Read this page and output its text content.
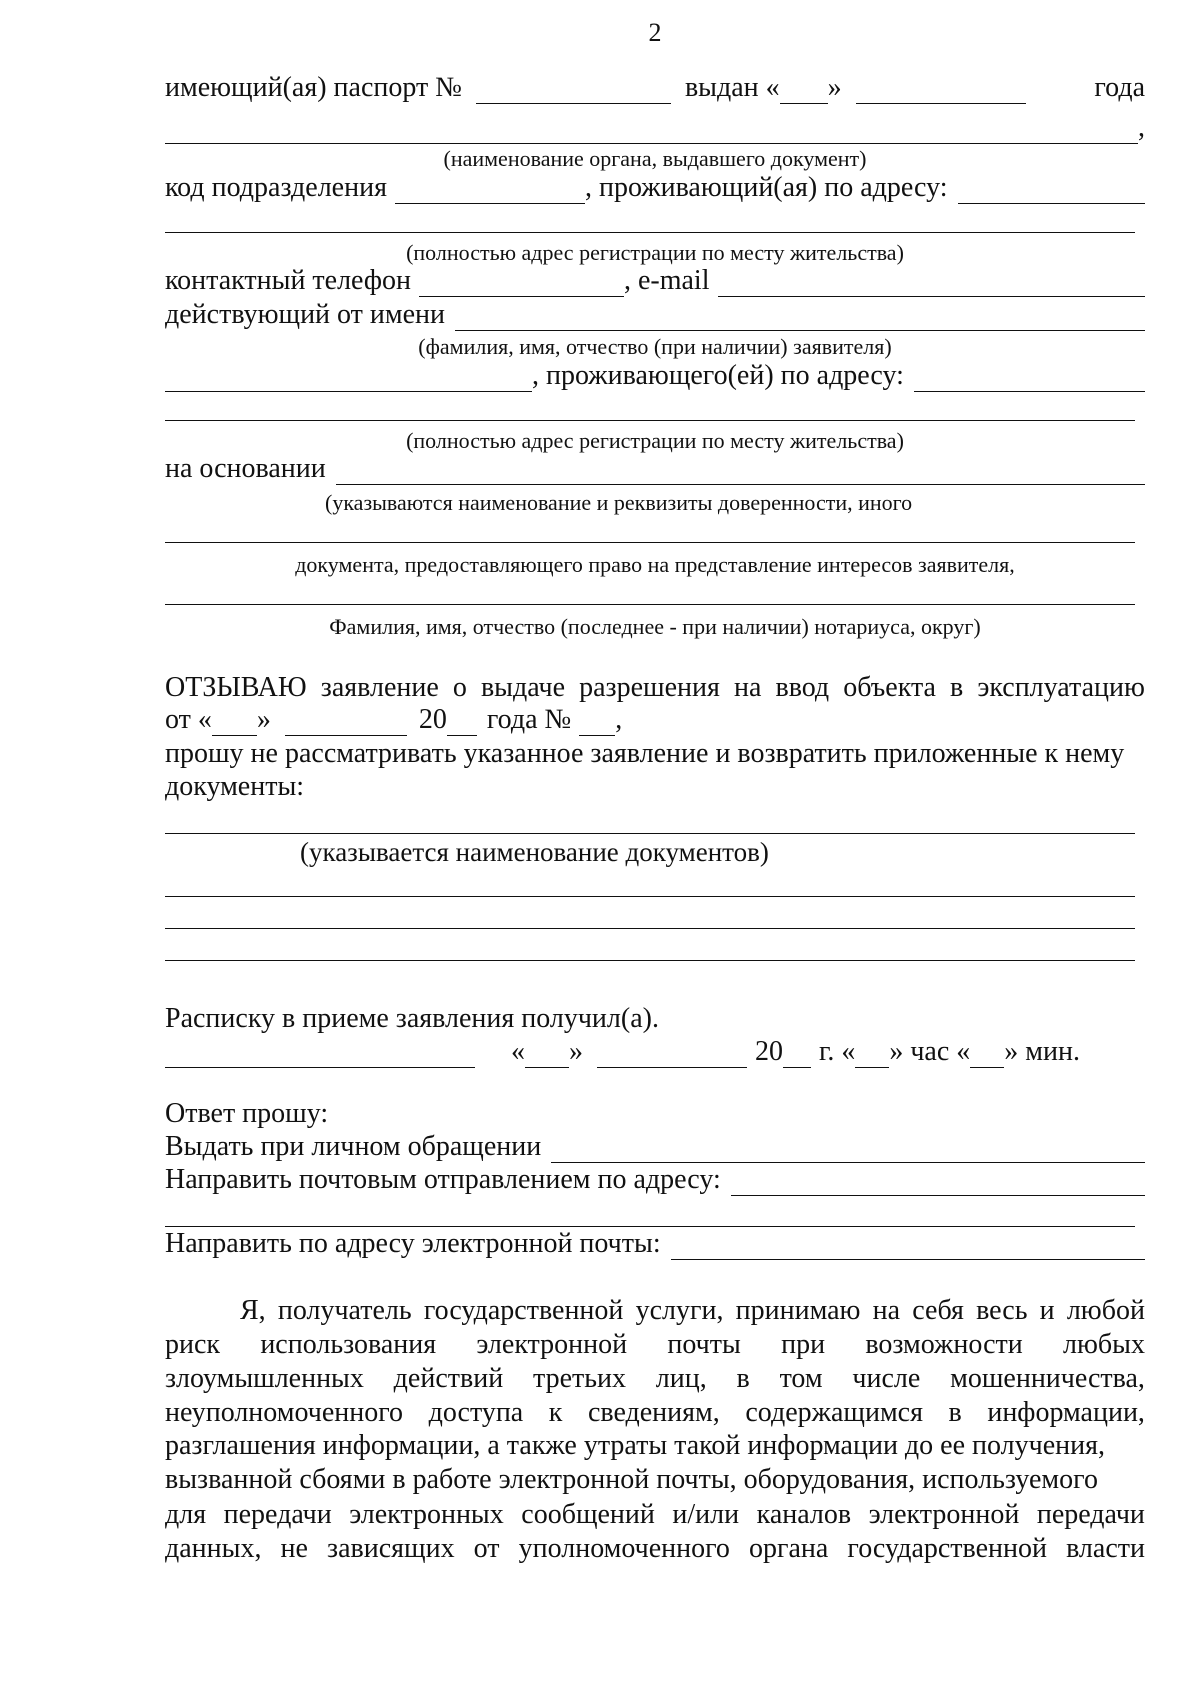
2
имеющий(ая) паспорт №	выдан « »	года
,
(наименование органа, выдавшего документ)
код подразделения	, проживающий(ая) по адресу:
(полностью адрес регистрации по месту жительства)
контактный телефон	, e-mail
действующий от имени
(фамилия, имя, отчество (при наличии) заявителя)
, проживающего(ей) по адресу:
(полностью адрес регистрации по месту жительства)
на основании
(указываются наименование и реквизиты доверенности, иного
документа, предоставляющего право на представление интересов заявителя,
Фамилия, имя, отчество (последнее - при наличии) нотариуса, округ)
ОТЗЫВАЮ заявление о выдаче разрешения на ввод объекта в эксплуатацию
от « »	20 года № ,
прошу не рассматривать указанное заявление и возвратить приложенные к нему
документы:
(указывается наименование документов)
Расписку в приеме заявления получил(а).
« »	20 г. « » час « » мин.
Ответ прошу:
Выдать при личном обращении
Направить почтовым отправлением по адресу:
Направить по адресу электронной почты:
Я, получатель государственной услуги, принимаю на себя весь и любой
риск использования электронной почты при возможности любых
злоумышленных действий третьих лиц, в том числе мошенничества,
неуполномоченного доступа к сведениям, содержащимся в информации,
разглашения информации, а также утраты такой информации до ее получения,
вызванной сбоями в работе электронной почты, оборудования, используемого
для передачи электронных сообщений и/или каналов электронной передачи
данных, не зависящих от уполномоченного органа государственной власти
